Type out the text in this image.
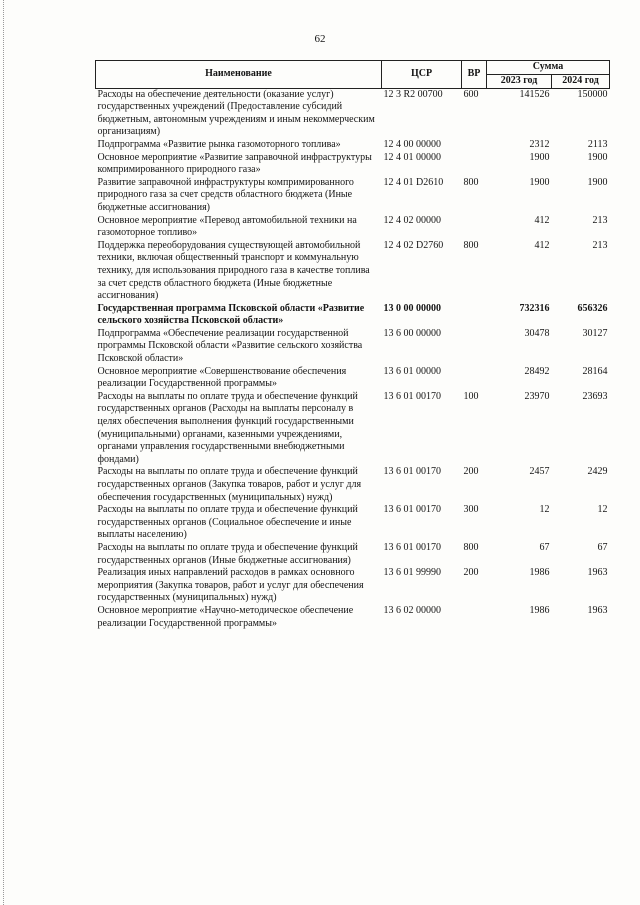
62
Наименование	ЦСР	ВР	Сумма	
			2023 год	2024 год
Расходы на обеспечение деятельности (оказание услуг) государственных учреждений (Предоставление субсидий бюджетным, автономным учреждениям и иным некоммерческим организациям)	12 3 R2 00700	600	141526	150000
Подпрограмма «Развитие рынка газомоторного топлива»	12 4 00 00000		2312	2113
Основное мероприятие «Развитие заправочной инфраструктуры компримированного природного газа»	12 4 01 00000		1900	1900
Развитие заправочной инфраструктуры компримированного природного газа за счет средств областного бюджета (Иные бюджетные ассигнования)	12 4 01 D2610	800	1900	1900
Основное мероприятие «Перевод автомобильной техники на газомоторное топливо»	12 4 02 00000		412	213
Поддержка переоборудования существующей автомобильной техники, включая общественный транспорт и коммунальную технику, для использования природного газа в качестве топлива за счет средств областного бюджета (Иные бюджетные ассигнования)	12 4 02 D2760	800	412	213
Государственная программа Псковской области «Развитие сельского хозяйства Псковской области»	13 0 00 00000		732316	656326
Подпрограмма «Обеспечение реализации государственной программы Псковской области «Развитие сельского хозяйства Псковской области»	13 6 00 00000		30478	30127
Основное мероприятие «Совершенствование обеспечения реализации Государственной программы»	13 6 01 00000		28492	28164
Расходы на выплаты по оплате труда и обеспечение функций государственных органов (Расходы на выплаты персоналу в целях обеспечения выполнения функций государственными (муниципальными) органами, казенными учреждениями, органами управления государственными внебюджетными фондами)	13 6 01 00170	100	23970	23693
Расходы на выплаты по оплате труда и обеспечение функций государственных органов (Закупка товаров, работ и услуг для обеспечения государственных (муниципальных) нужд)	13 6 01 00170	200	2457	2429
Расходы на выплаты по оплате труда и обеспечение функций государственных органов (Социальное обеспечение и иные выплаты населению)	13 6 01 00170	300	12	12
Расходы на выплаты по оплате труда и обеспечение функций государственных органов (Иные бюджетные ассигнования)	13 6 01 00170	800	67	67
Реализация иных направлений расходов в рамках основного мероприятия (Закупка товаров, работ и услуг для обеспечения государственных (муниципальных) нужд)	13 6 01 99990	200	1986	1963
Основное мероприятие «Научно-методическое обеспечение реализации Государственной программы»	13 6 02 00000		1986	1963
